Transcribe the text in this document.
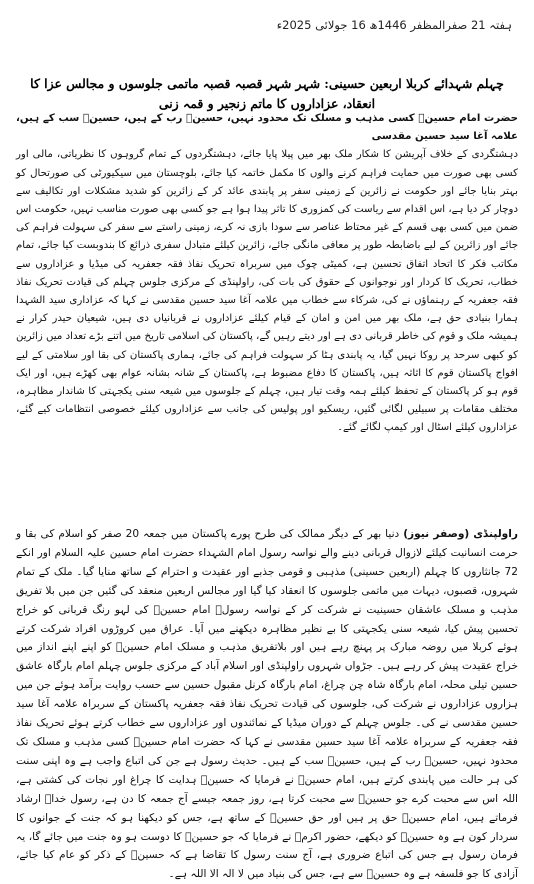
ہفتہ 21 صفرالمظفر 1446ھ 16 جولائی 2025ء
چہلم شہدائے کربلا اربعین حسینی: شہر شہر قصبہ قصبہ ماتمی جلوسوں و مجالس عزا کا انعقاد، عزاداروں کا ماتم زنجیر و قمہ زنی

حضرت امام حسینؑ کسی مذہب و مسلک تک محدود نہیں، حسینؑ رب کے ہیں، حسینؑ سب کے ہیں، علامہ آغا سید حسین مقدسی

دہشتگردی کے خلاف آپریشن کا شکار ملک بھر میں پیلا پایا جائے، دہشتگردوں کے تمام گروہوں کا نظریاتی، مالی اور کسی بھی صورت میں حمایت فراہم کرنے والوں کا مکمل خاتمہ کیا جائے، بلوچستان میں سیکیورٹی کی صورتحال کو بہتر بنایا جائے اور حکومت نے زائرین کے زمینی سفر پر پابندی عائد کر کے زائرین کو شدید مشکلات اور تکالیف سے دوچار کر دیا ہے، اس اقدام سے ریاست کی کمزوری کا تاثر پیدا ہوا ہے جو کسی بھی صورت مناسب نہیں، حکومت اس ضمن میں کسی بھی قسم کے غیر محتاط عناصر سے سودا بازی نہ کرے، زمینی راستے سے سفر کی سہولت فراہم کی جائے اور زائرین کے لیے باضابطہ طور پر معافی مانگی جائے، زائرین کیلئے متبادل سفری ذرائع کا بندوبست کیا جائے، تمام مکاتب فکر کا اتحاد اتفاق تحسین ہے، کمیٹی چوک میں سربراہ تحریک نفاذ فقہ جعفریہ کی میڈیا و عزاداروں سے خطاب، تحریک کا کردار اور نوجوانوں کے حقوق کی بات کی، راولپنڈی کے مرکزی جلوس چہلم کی قیادت تحریک نفاذ فقہ جعفریہ کے رہنماؤں نے کی، شرکاء سے خطاب میں علامہ آغا سید حسین مقدسی نے کہا کہ عزاداری سید الشہدا ہمارا بنیادی حق ہے، ملک بھر میں امن و امان کے قیام کیلئے عزاداروں نے قربانیاں دی ہیں، شیعیان حیدر کرار نے ہمیشہ ملک و قوم کی خاطر قربانی دی ہے اور دیتے رہیں گے، پاکستان کی اسلامی تاریخ میں اتنے بڑے تعداد میں زائرین کو کبھی سرحد پر روکا نہیں گیا، یہ پابندی ہٹا کر سہولت فراہم کی جائے، ہماری پاکستان کی بقا اور سلامتی کے لیے افواج پاکستان قوم کا اثاثہ ہیں، پاکستان کا دفاع مضبوط ہے، پاکستان کے شانہ بشانہ عوام بھی کھڑے ہیں، اور ایک قوم ہو کر پاکستان کے تحفظ کیلئے ہمہ وقت تیار ہیں، چہلم کے جلوسوں میں شیعہ سنی یکجہتی کا شاندار مظاہرہ، مختلف مقامات پر سبیلیں لگائی گئیں، ریسکیو اور پولیس کی جانب سے عزاداروں کیلئے خصوصی انتظامات کیے گئے، عزاداروں کیلئے اسٹال اور کیمپ لگائے گئے۔

راولپنڈی (وصفر نیوز) دنیا بھر کے دیگر ممالک کی طرح پورے پاکستان میں جمعہ 20 صفر کو اسلام کی بقا و حرمت انسانیت کیلئے لازوال قربانی دینے والے نواسہ رسول امام الشہداء حضرت امام حسین علیہ السلام اور انکے 72 جانثاروں کا چہلم (اربعین حسینی) مذہبی و قومی جذبے اور عقیدت و احترام کے ساتھ منایا گیا۔ ملک کے تمام شہروں، قصبوں، دیہات میں ماتمی جلوسوں کا انعقاد کیا گیا اور مجالس اربعین منعقد کی گئیں جن میں بلا تفریق مذہب و مسلک عاشقان حسینیت نے شرکت کر کے نواسہ رسولؐ امام حسینؑ کی لہو رنگ قربانی کو خراج تحسین پیش کیا، شیعہ سنی یکجہتی کا بے نظیر مظاہرہ دیکھنے میں آیا۔ عراق میں کروڑوں افراد شرکت کرتے ہوئے کربلا میں روضہ مبارک پر پہنچ رہے ہیں اور بلاتفریق مذہب و مسلک امام حسینؑ کو اپنے اپنے انداز میں خراج عقیدت پیش کر رہے ہیں۔ جڑواں شہروں راولپنڈی اور اسلام آباد کے مرکزی جلوس چہلم امام بارگاہ عاشق حسین تیلی محلہ، امام بارگاہ شاہ چن چراغ، امام بارگاہ کرنل مقبول حسین سے حسب روایت برآمد ہوئے جن میں ہزاروں عزاداروں نے شرکت کی، جلوسوں کی قیادت تحریک نفاذ فقہ جعفریہ پاکستان کے سربراہ علامہ آغا سید حسین مقدسی نے کی۔ جلوس چہلم کے دوران میڈیا کے نمائندوں اور عزاداروں سے خطاب کرتے ہوئے تحریک نفاذ فقہ جعفریہ کے سربراہ علامہ آغا سید حسین مقدسی نے کہا کہ حضرت امام حسینؑ کسی مذہب و مسلک تک محدود نہیں، حسینؑ رب کے ہیں، حسینؑ سب کے ہیں۔ حدیث رسول ہے جن کی اتباع واجب ہے وہ اپنی سنت کی ہر حالت میں پابندی کرتے ہیں، امام حسینؑ نے فرمایا کہ حسینؑ ہدایت کا چراغ اور نجات کی کشتی ہے، اللہ اس سے محبت کرے جو حسینؑ سے محبت کرتا ہے، روز جمعہ جیسے آج جمعہ کا دن ہے، رسول خداؐ ارشاد فرماتے ہیں، امام حسینؑ حق پر ہیں اور حق حسینؑ کے ساتھ ہے، جس کو دیکھنا ہو کہ جنت کے جوانوں کا سردار کون ہے وہ حسینؑ کو دیکھے، حضور اکرمؐ نے فرمایا کہ جو حسینؑ کا دوست ہو وہ جنت میں جائے گا، یہ فرمان رسول ہے جس کی اتباع ضروری ہے، آج سنت رسول کا تقاضا ہے کہ حسینؑ کے ذکر کو عام کیا جائے، آزادی کا جو فلسفہ ہے وہ حسینؑ سے ہے، جس کی بنیاد میں لا الہ الا اللہ ہے۔
